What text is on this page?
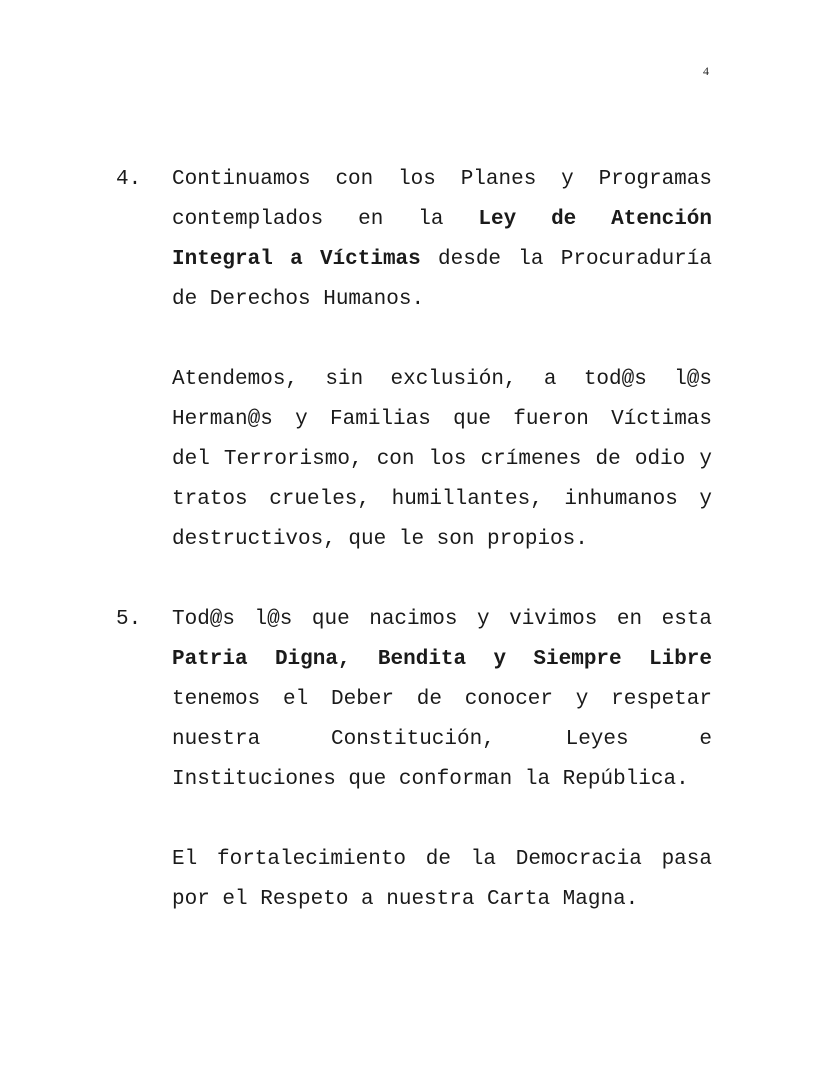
4
4. Continuamos con los Planes y Programas contemplados en la Ley de Atención Integral a Víctimas desde la Procuraduría de Derechos Humanos.

Atendemos, sin exclusión, a tod@s l@s Herman@s y Familias que fueron Víctimas del Terrorismo, con los crímenes de odio y tratos crueles, humillantes, inhumanos y destructivos, que le son propios.

5. Tod@s l@s que nacimos y vivimos en esta Patria Digna, Bendita y Siempre Libre tenemos el Deber de conocer y respetar nuestra Constitución, Leyes e Instituciones que conforman la República.

El fortalecimiento de la Democracia pasa por el Respeto a nuestra Carta Magna.
